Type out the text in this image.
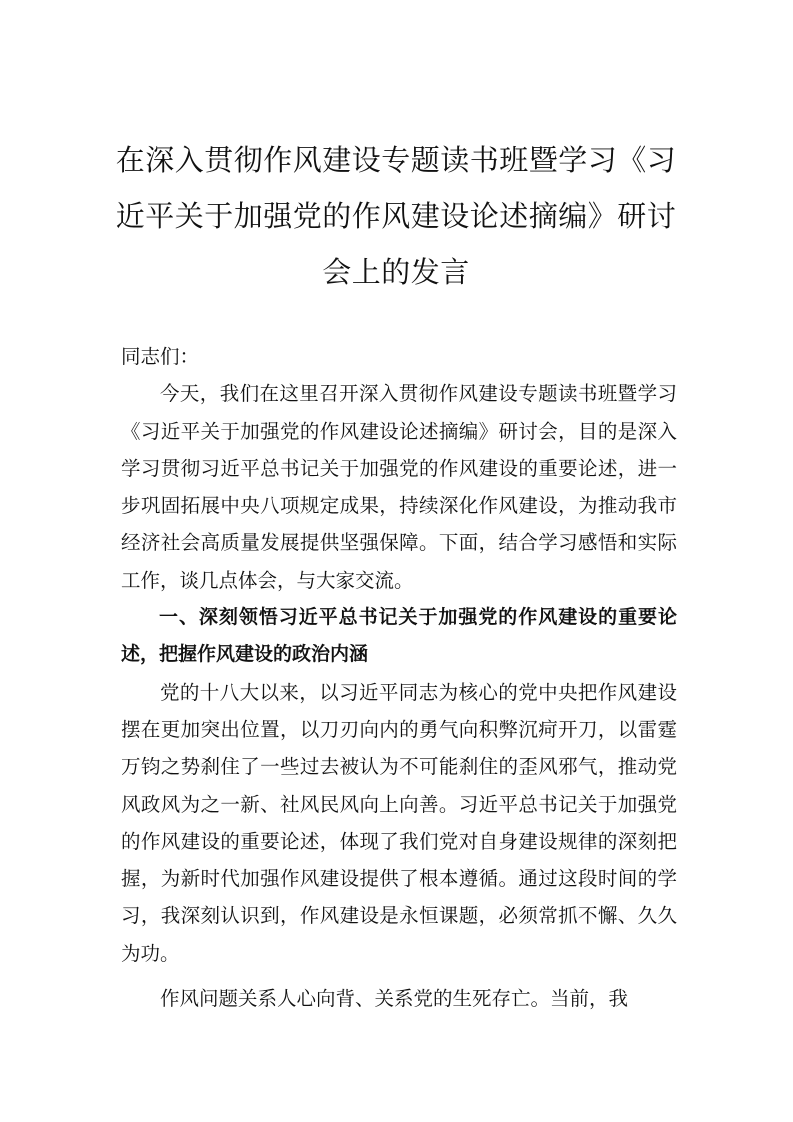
在深入贯彻作风建设专题读书班暨学习《习
近平关于加强党的作风建设论述摘编》研讨
会上的发言

同志们：

今天，我们在这里召开深入贯彻作风建设专题读书班暨学习《习近平关于加强党的作风建设论述摘编》研讨会，目的是深入学习贯彻习近平总书记关于加强党的作风建设的重要论述，进一步巩固拓展中央八项规定成果，持续深化作风建设，为推动我市经济社会高质量发展提供坚强保障。下面，结合学习感悟和实际工作，谈几点体会，与大家交流。

一、深刻领悟习近平总书记关于加强党的作风建设的重要论述，把握作风建设的政治内涵

党的十八大以来，以习近平同志为核心的党中央把作风建设摆在更加突出位置，以刀刃向内的勇气向积弊沉疴开刀，以雷霆万钧之势刹住了一些过去被认为不可能刹住的歪风邪气，推动党风政风为之一新、社风民风向上向善。习近平总书记关于加强党的作风建设的重要论述，体现了我们党对自身建设规律的深刻把握，为新时代加强作风建设提供了根本遵循。通过这段时间的学习，我深刻认识到，作风建设是永恒课题，必须常抓不懈、久久为功。

作风问题关系人心向背、关系党的生死存亡。当前，我
